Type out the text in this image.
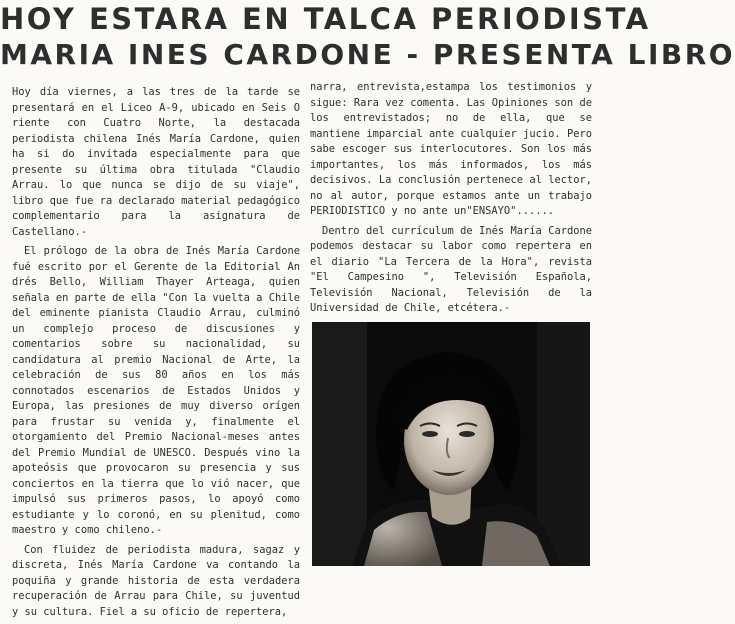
HOY ESTARA EN TALCA PERIODISTA
MARIA INES CARDONE - PRESENTA LIBRO

Hoy día viernes, a las tres de la tarde se presentará en el Liceo A-9, ubicado en Seis O riente con Cuatro Norte, la destacada periodista chilena Inés María Cardone, quien ha si do invitada especialmente para que presente su última obra titulada "Claudio Arrau. lo que nunca se dijo de su viaje", libro que fue ra declarado material pedagógico complementario para la asignatura de Castellano.-

El prólogo de la obra de Inés María Cardone fué escrito por el Gerente de la Editorial An drés Bello, William Thayer Arteaga, quien señala en parte de ella "Con la vuelta a Chile del eminente pianista Claudio Arrau, culminó un complejo proceso de discusiones y comentarios sobre su nacionalidad, su candidatura al premio Nacional de Arte, la celebración de sus 80 años en los más connotados escenarios de Estados Unidos y Europa, las presiones de muy diverso orígen para frustar su venida y, finalmente el otorgamiento del Premio Nacional-meses antes del Premio Mundial de UNESCO. Después vino la apoteósis que provocaron su presencia y sus conciertos en la tierra que lo vió nacer, que impulsó sus primeros pasos, lo apoyó como estudiante y lo coronó, en su plenitud, como maestro y como chileno.-

Con fluidez de periodista madura, sagaz y discreta, Inés María Cardone va contando la poquiña y grande historia de esta verdadera recuperación de Arrau para Chile, su juventud y su cultura. Fiel a su oficio de repertera,

narra, entrevista,estampa los testimonios y sigue: Rara vez comenta. Las Opiniones son de los entrevistados; no de ella, que se mantiene imparcial ante cualquier jucio. Pero sabe escoger sus interlocutores. Son los más importantes, los más informados, los más decisivos. La conclusión pertenece al lector, no al autor, porque estamos ante un trabajo PERIODISTICO y no ante un"ENSAYO"......

Dentro del currículum de Inés María Cardone podemos destacar su labor como repertera en el diario "La Tercera de la Hora", revista "El Campesino ", Televisión Española, Televisión Nacional, Televisión de la Universidad de Chile, etcétera.-
